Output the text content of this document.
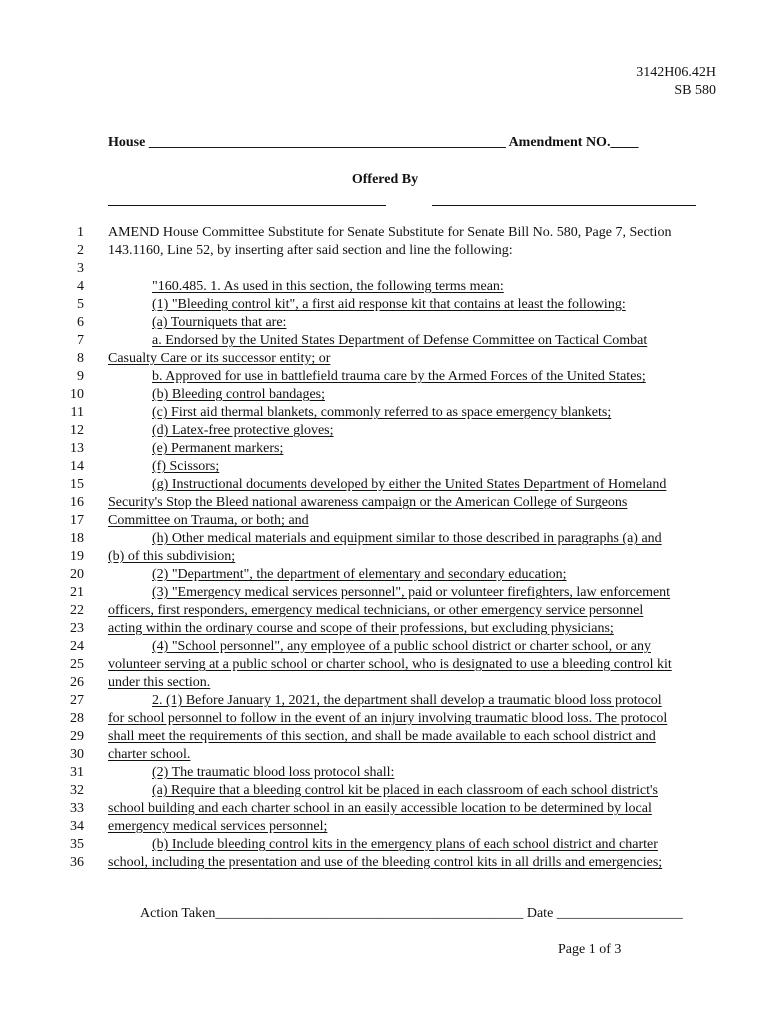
3142H06.42H
SB 580
House ___________________________________________________ Amendment NO.____
Offered By
1 AMEND House Committee Substitute for Senate Substitute for Senate Bill No. 580, Page 7, Section
2 143.1160, Line 52, by inserting after said section and line the following:
3
4	"160.485. 1. As used in this section, the following terms mean:
5	(1) "Bleeding control kit", a first aid response kit that contains at least the following:
6	(a) Tourniquets that are:
7	a. Endorsed by the United States Department of Defense Committee on Tactical Combat
8 Casualty Care or its successor entity; or
9	b. Approved for use in battlefield trauma care by the Armed Forces of the United States;
10	(b) Bleeding control bandages;
11	(c) First aid thermal blankets, commonly referred to as space emergency blankets;
12	(d) Latex-free protective gloves;
13	(e) Permanent markers;
14	(f) Scissors;
15	(g) Instructional documents developed by either the United States Department of Homeland
16 Security's Stop the Bleed national awareness campaign or the American College of Surgeons
17 Committee on Trauma, or both; and
18	(h) Other medical materials and equipment similar to those described in paragraphs (a) and
19 (b) of this subdivision;
20	(2) "Department", the department of elementary and secondary education;
21	(3) "Emergency medical services personnel", paid or volunteer firefighters, law enforcement
22 officers, first responders, emergency medical technicians, or other emergency service personnel
23 acting within the ordinary course and scope of their professions, but excluding physicians;
24	(4) "School personnel", any employee of a public school district or charter school, or any
25 volunteer serving at a public school or charter school, who is designated to use a bleeding control kit
26 under this section.
27	2. (1) Before January 1, 2021, the department shall develop a traumatic blood loss protocol
28 for school personnel to follow in the event of an injury involving traumatic blood loss. The protocol
29 shall meet the requirements of this section, and shall be made available to each school district and
30 charter school.
31	(2) The traumatic blood loss protocol shall:
32	(a) Require that a bleeding control kit be placed in each classroom of each school district's
33 school building and each charter school in an easily accessible location to be determined by local
34 emergency medical services personnel;
35	(b) Include bleeding control kits in the emergency plans of each school district and charter
36 school, including the presentation and use of the bleeding control kits in all drills and emergencies;
Action Taken____________________________________________ Date __________________
Page 1 of 3
